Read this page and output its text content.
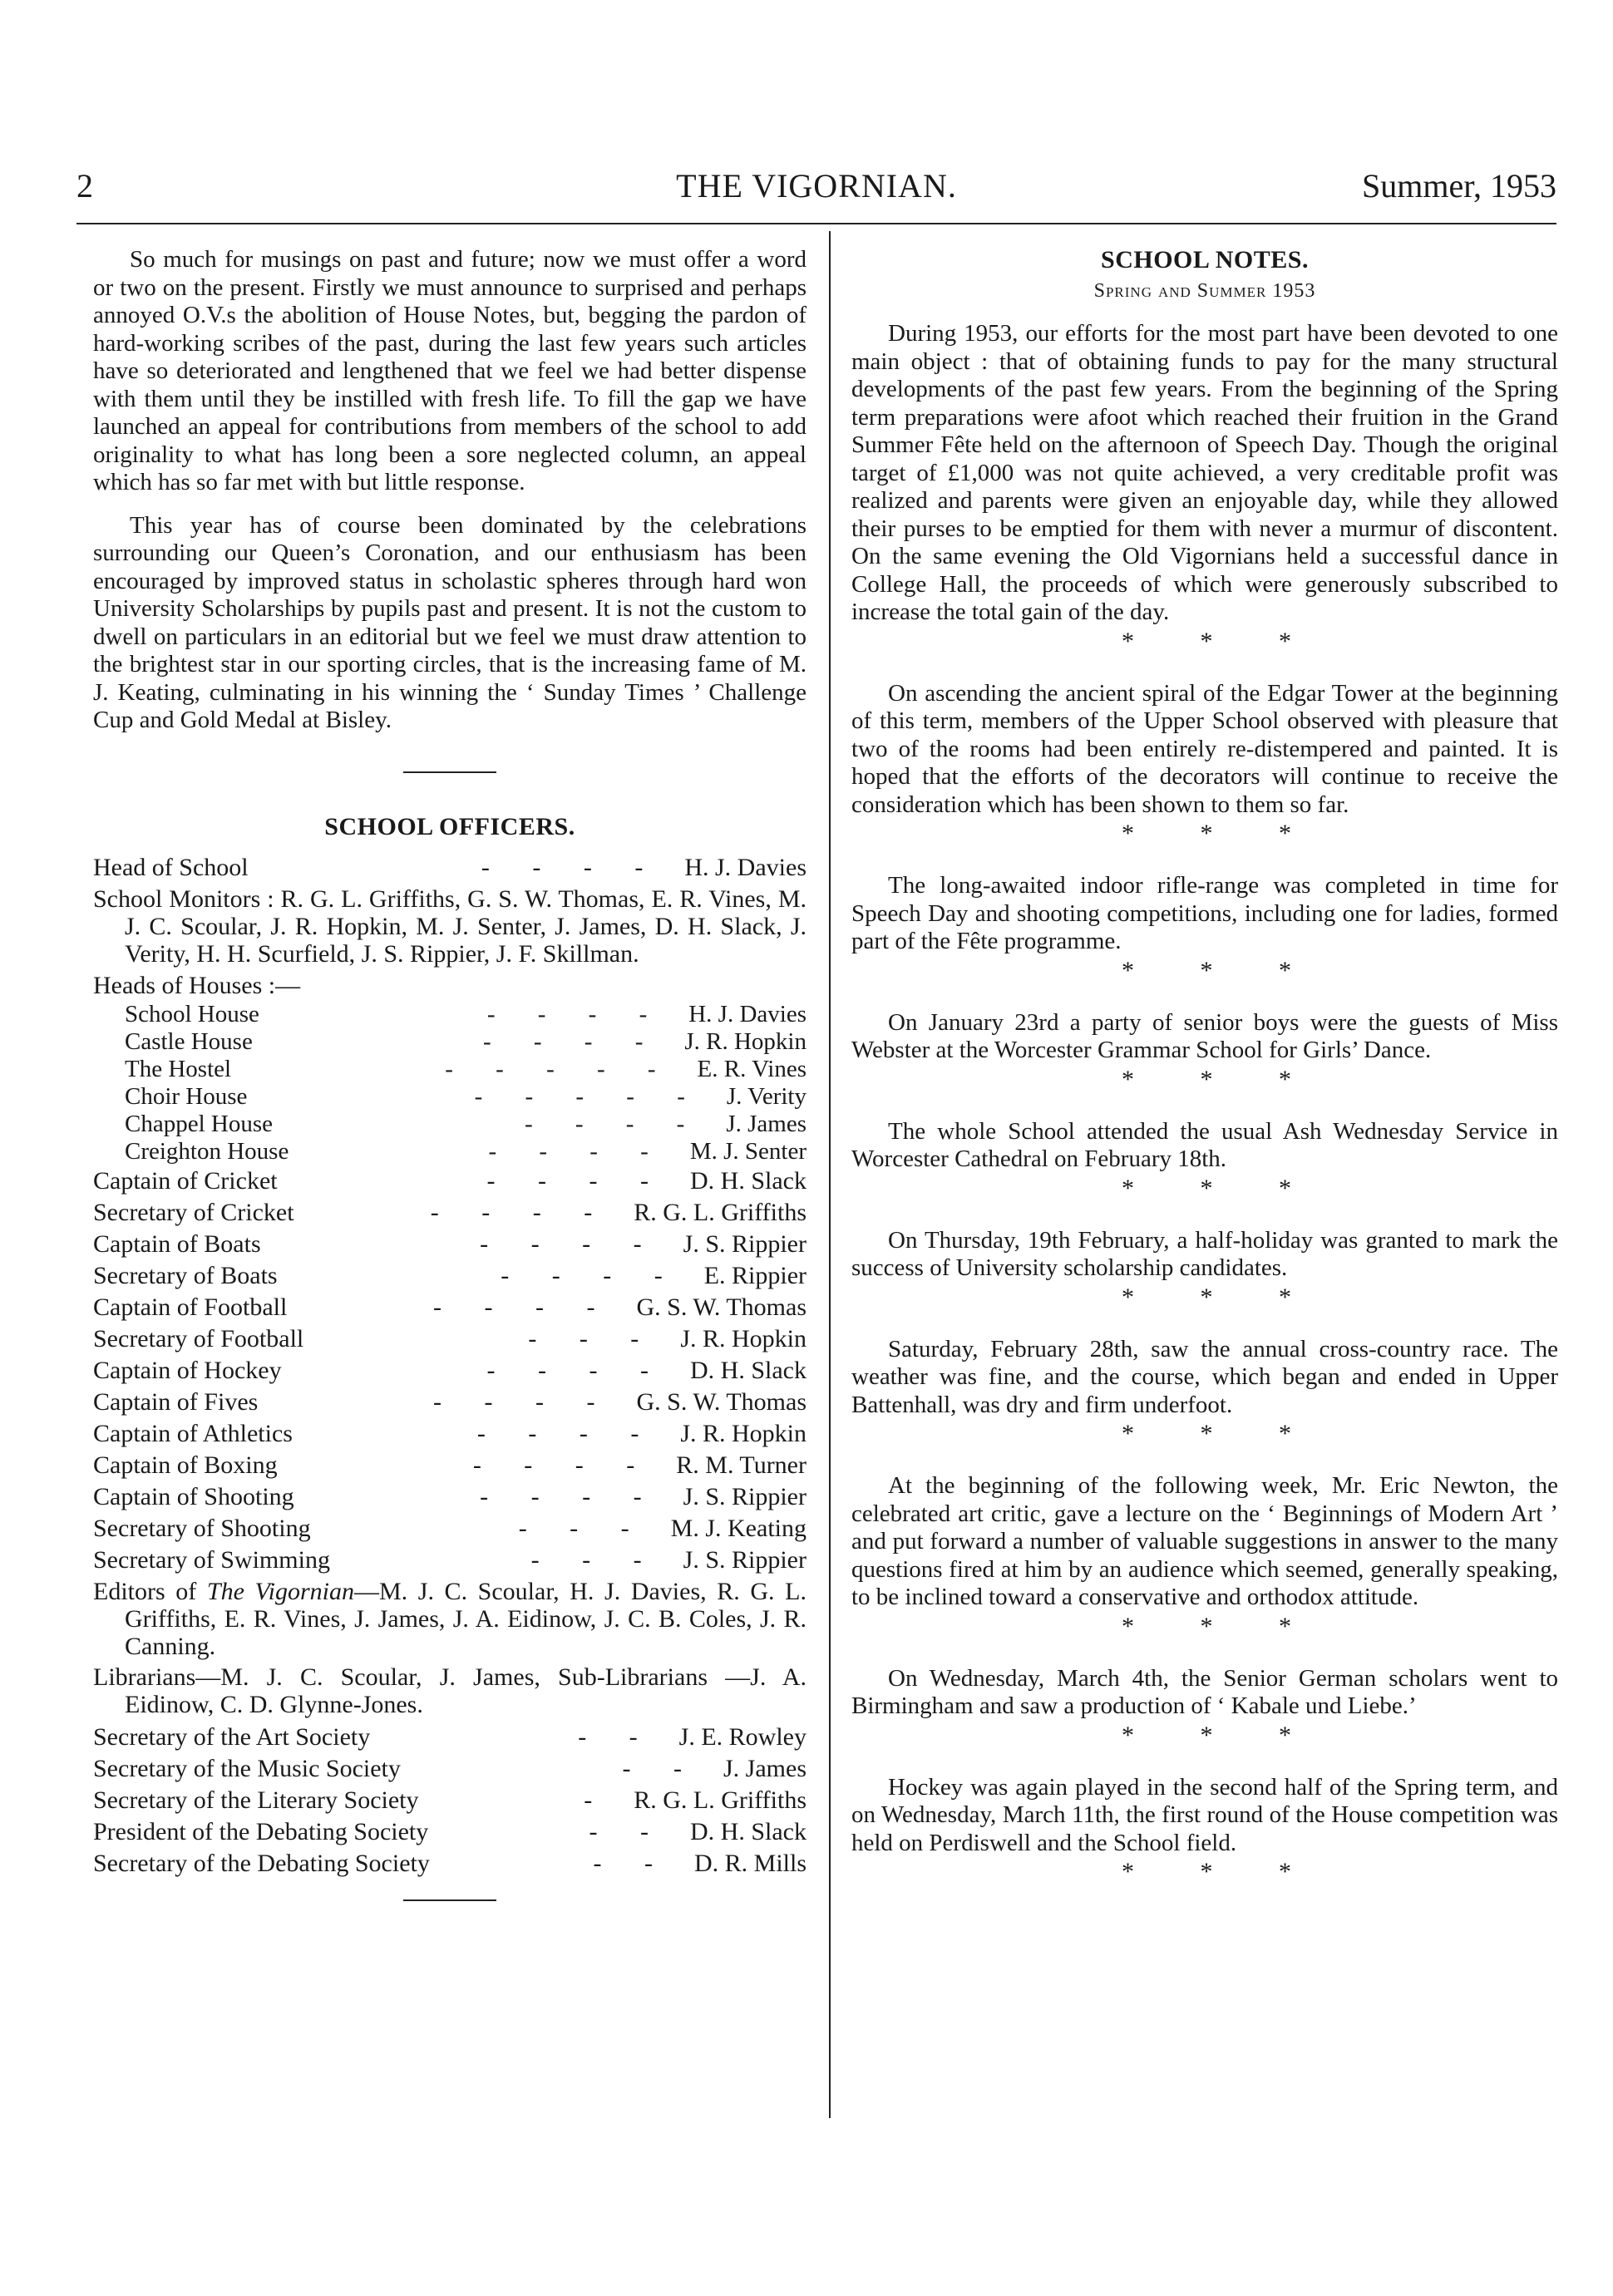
2	THE VIGORNIAN.	Summer, 1953

So much for musings on past and future; now we must offer a word or two on the present. Firstly we must announce to surprised and perhaps annoyed O.V.s the abolition of House Notes, but, begging the pardon of hard-working scribes of the past, during the last few years such articles have so deteriorated and lengthened that we feel we had better dispense with them until they be instilled with fresh life. To fill the gap we have launched an appeal for contributions from members of the school to add originality to what has long been a sore neglected column, an appeal which has so far met with but little response.

This year has of course been dominated by the celebrations surrounding our Queen’s Coronation, and our enthusiasm has been encouraged by improved status in scholastic spheres through hard won University Scholarships by pupils past and present. It is not the custom to dwell on particulars in an editorial but we feel we must draw attention to the brightest star in our sporting circles, that is the increasing fame of M. J. Keating, culminating in his winning the ‘ Sunday Times ’ Challenge Cup and Gold Medal at Bisley.

SCHOOL OFFICERS.
Head of School	- - - - H. J. Davies
School Monitors : R. G. L. Griffiths, G. S. W. Thomas, E. R. Vines, M. J. C. Scoular, J. R. Hopkin, M. J. Senter, J. James, D. H. Slack, J. Verity, H. H. Scurfield, J. S. Rippier, J. F. Skillman.
Heads of Houses :—
School House	- - - - H. J. Davies
Castle House	- - - - J. R. Hopkin
The Hostel	- - - - - E. R. Vines
Choir House	- - - - - J. Verity
Chappel House	- - - - J. James
Creighton House	- - - - M. J. Senter
Captain of Cricket	- - - - D. H. Slack
Secretary of Cricket	- - - - R. G. L. Griffiths
Captain of Boats	- - - - J. S. Rippier
Secretary of Boats	- - - - E. Rippier
Captain of Football	- - - - G. S. W. Thomas
Secretary of Football	- - - J. R. Hopkin
Captain of Hockey	- - - - D. H. Slack
Captain of Fives	- - - - G. S. W. Thomas
Captain of Athletics	- - - - J. R. Hopkin
Captain of Boxing	- - - - R. M. Turner
Captain of Shooting	- - - - J. S. Rippier
Secretary of Shooting	- - - M. J. Keating
Secretary of Swimming	- - - J. S. Rippier
Editors of The Vigornian—M. J. C. Scoular, H. J. Davies, R. G. L. Griffiths, E. R. Vines, J. James, J. A. Eidinow, J. C. B. Coles, J. R. Canning.
Librarians—M. J. C. Scoular, J. James, Sub-Librarians —J. A. Eidinow, C. D. Glynne-Jones.
Secretary of the Art Society	- - J. E. Rowley
Secretary of the Music Society	- - J. James
Secretary of the Literary Society	- R. G. L. Griffiths
President of the Debating Society	- - D. H. Slack
Secretary of the Debating Society	- - D. R. Mills
SCHOOL NOTES.
Spring and Summer 1953

During 1953, our efforts for the most part have been devoted to one main object : that of obtaining funds to pay for the many structural developments of the past few years. From the beginning of the Spring term preparations were afoot which reached their fruition in the Grand Summer Fête held on the afternoon of Speech Day. Though the original target of £1,000 was not quite achieved, a very creditable profit was realized and parents were given an enjoyable day, while they allowed their purses to be emptied for them with never a murmur of discontent. On the same evening the Old Vigornians held a successful dance in College Hall, the proceeds of which were generously subscribed to increase the total gain of the day.

* * *

On ascending the ancient spiral of the Edgar Tower at the beginning of this term, members of the Upper School observed with pleasure that two of the rooms had been entirely re-distempered and painted. It is hoped that the efforts of the decorators will continue to receive the consideration which has been shown to them so far.

* * *

The long-awaited indoor rifle-range was completed in time for Speech Day and shooting competitions, including one for ladies, formed part of the Fête programme.

* * *

On January 23rd a party of senior boys were the guests of Miss Webster at the Worcester Grammar School for Girls’ Dance.

* * *

The whole School attended the usual Ash Wednesday Service in Worcester Cathedral on February 18th.

* * *

On Thursday, 19th February, a half-holiday was granted to mark the success of University scholarship candidates.

* * *

Saturday, February 28th, saw the annual cross-country race. The weather was fine, and the course, which began and ended in Upper Battenhall, was dry and firm underfoot.

* * *

At the beginning of the following week, Mr. Eric Newton, the celebrated art critic, gave a lecture on the ‘ Beginnings of Modern Art ’ and put forward a number of valuable suggestions in answer to the many questions fired at him by an audience which seemed, generally speaking, to be inclined toward a conservative and orthodox attitude.

* * *

On Wednesday, March 4th, the Senior German scholars went to Birmingham and saw a production of ‘ Kabale und Liebe.’

* * *

Hockey was again played in the second half of the Spring term, and on Wednesday, March 11th, the first round of the House competition was held on Perdiswell and the School field.

* * *
